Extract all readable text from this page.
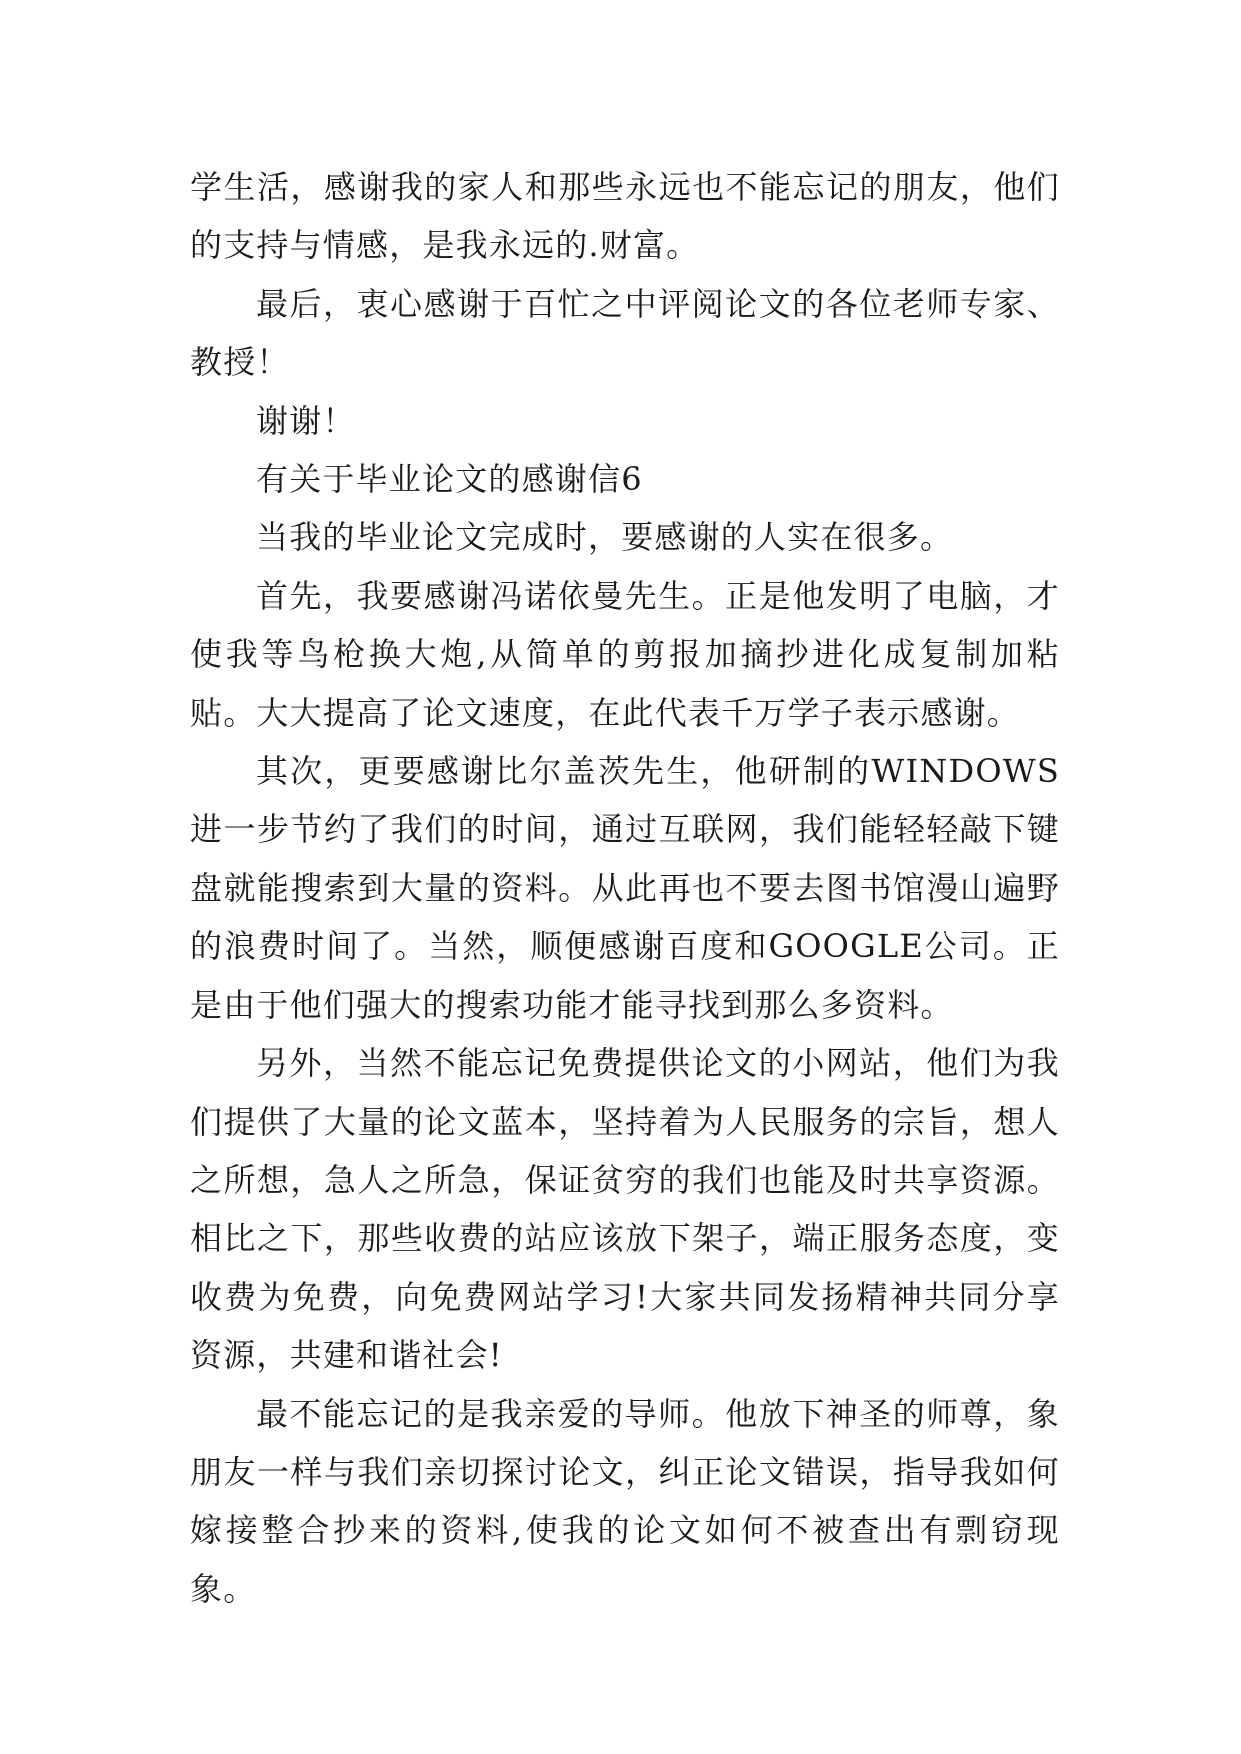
学生活，感谢我的家人和那些永远也不能忘记的朋友，他们的支持与情感，是我永远的.财富。

最后，衷心感谢于百忙之中评阅论文的各位老师专家、教授！

谢谢！

有关于毕业论文的感谢信6

当我的毕业论文完成时，要感谢的人实在很多。

首先，我要感谢冯诺依曼先生。正是他发明了电脑，才使我等鸟枪换大炮,从简单的剪报加摘抄进化成复制加粘贴。大大提高了论文速度，在此代表千万学子表示感谢。

其次，更要感谢比尔盖茨先生，他研制的WINDOWS进一步节约了我们的时间，通过互联网，我们能轻轻敲下键盘就能搜索到大量的资料。从此再也不要去图书馆漫山遍野的浪费时间了。当然，顺便感谢百度和GOOGLE公司。正是由于他们强大的搜索功能才能寻找到那么多资料。

另外，当然不能忘记免费提供论文的小网站，他们为我们提供了大量的论文蓝本，坚持着为人民服务的宗旨，想人之所想，急人之所急，保证贫穷的我们也能及时共享资源。相比之下，那些收费的站应该放下架子，端正服务态度，变收费为免费，向免费网站学习!大家共同发扬精神共同分享资源，共建和谐社会!

最不能忘记的是我亲爱的导师。他放下神圣的师尊，象朋友一样与我们亲切探讨论文，纠正论文错误，指导我如何嫁接整合抄来的资料,使我的论文如何不被查出有剽窃现象。
